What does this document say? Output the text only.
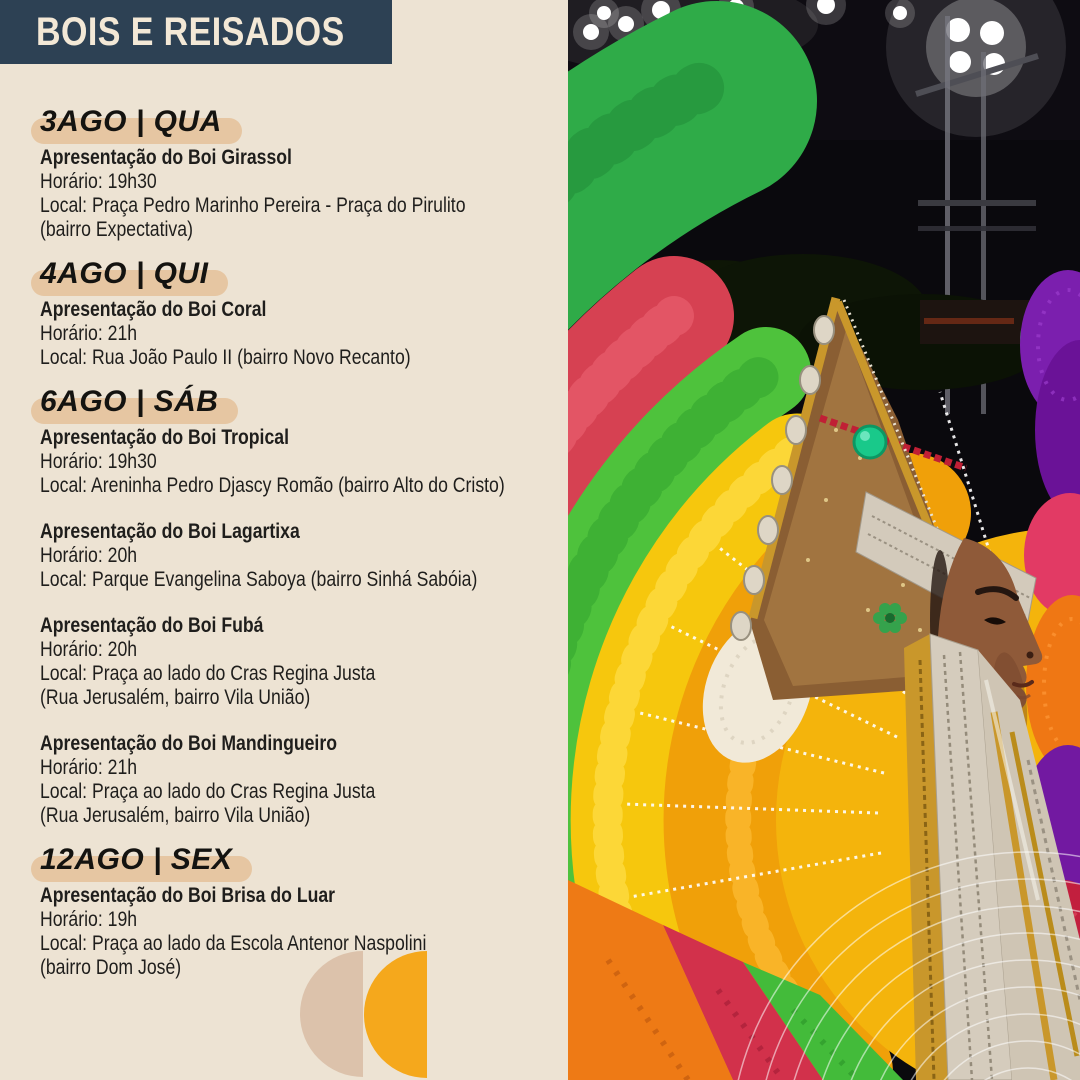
BOIS E REISADOS
3AGO | QUA

Apresentação do Boi Girassol

Horário: 19h30

Local: Praça Pedro Marinho Pereira - Praça do Pirulito

(bairro Expectativa)

4AGO | QUI

Apresentação do Boi Coral

Horário: 21h

Local: Rua João Paulo II (bairro Novo Recanto)

6AGO | SÁB

Apresentação do Boi Tropical

Horário: 19h30

Local: Areninha Pedro Djascy Romão (bairro Alto do Cristo)

Apresentação do Boi Lagartixa

Horário: 20h

Local: Parque Evangelina Saboya (bairro Sinhá Sabóia)

Apresentação do Boi Fubá

Horário: 20h

Local: Praça ao lado do Cras Regina Justa

(Rua Jerusalém, bairro Vila União)

Apresentação do Boi Mandingueiro

Horário: 21h

Local: Praça ao lado do Cras Regina Justa

(Rua Jerusalém, bairro Vila União)

12AGO | SEX

Apresentação do Boi Brisa do Luar

Horário: 19h

Local: Praça ao lado da Escola Antenor Naspolini

(bairro Dom José)
